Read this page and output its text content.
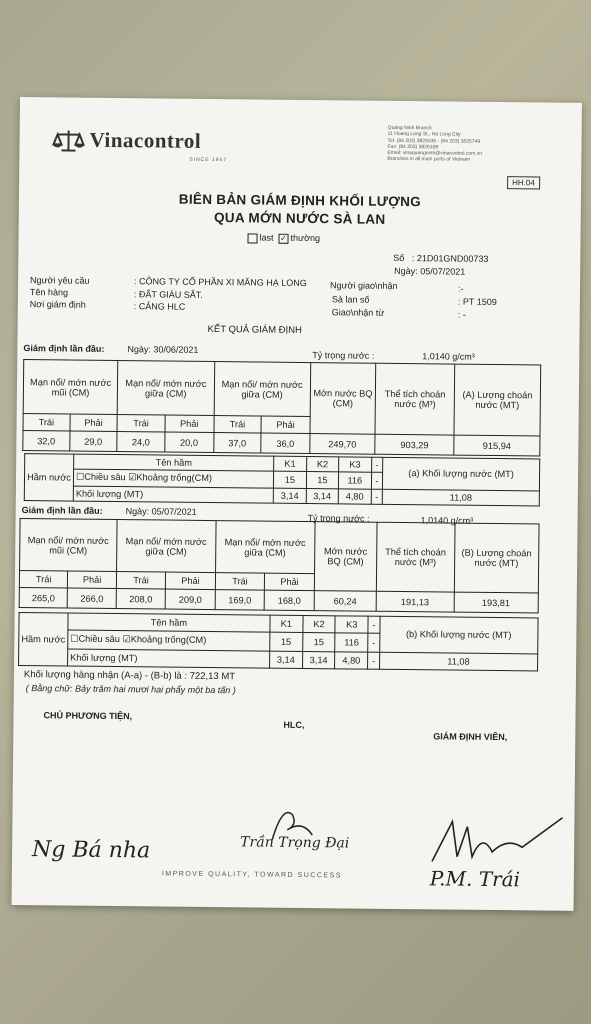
Vinacontrol
SINCE 1957
Quang Ninh Branch
11 Hoang Long St., Ha Long City
Tel: (84 203) 3825535 - (84 203) 3825749
Fax: (84 203) 3826109
Email: vinaquangninh@vinacontrol.com.vn
Branches in all main ports of Vietnam
HH.04
BIÊN BẢN GIÁM ĐỊNH KHỐI LƯỢNG
QUA MỚN NƯỚC SÀ LAN
last ✓ thường
Số : 21D01GND00733
Ngày: 05/07/2021
Người yêu cầu	: CÔNG TY CỔ PHẦN XI MĂNG HẠ LONG	Người giao\nhận	:-
Tên hàng	: ĐẤT GIÀU SẮT.	Sà lan số	: PT 1509
Nơi giám định	: CẢNG HLC
Giao\nhận từ	: -
KẾT QUẢ GIÁM ĐỊNH
Giám định lần đầu:	Ngày: 30/06/2021
Tỷ trọng nước :	1,0140 g/cm³
Mạn nổi/ mớn nước mũi (CM)		Mạn nổi/ mớn nước giữa (CM)		Mạn nổi/ mớn nước giữa (CM)		Mớn nước BQ (CM)	Thể tích choán nước (M³)	(A) Lượng choán nước (MT)
Trái	Phải	Trái	Phải	Trái	Phải			
32,0	29,0	24,0	20,0	37,0	36,0	249,70	903,29	915,94
Hầm nước	Tên hầm	K1	K2	K3	-	(a) Khối lượng nước (MT)
	☐Chiều sâu ☑Khoảng trống(CM)	15	15	116	-	
	Khối lượng (MT)	3,14	3,14	4,80	-	11,08
Giám định lần đầu:	Ngày: 05/07/2021
Tỷ trọng nước :	1,0140 g/cm³
Mạn nổi/ mớn nước mũi (CM)		Mạn nổi/ mớn nước giữa (CM)		Mạn nổi/ mớn nước giữa (CM)		Mớn nước BQ (CM)	Thể tích choán nước (M³)	(B) Lượng choán nước (MT)
Trái	Phải	Trái	Phải	Trái	Phải			
265,0	266,0	208,0	209,0	169,0	168,0	60,24	191,13	193,81
Hầm nước	Tên hầm	K1	K2	K3	-	(b) Khối lượng nước (MT)
	☐Chiều sâu ☑Khoảng trống(CM)	15	15	116	-	
	Khối lượng (MT)	3,14	3,14	4,80	-	11,08
Khối lượng hàng nhận (A-a) - (B-b) là : 722,13 MT
( Bằng chữ: Bảy trăm hai mươi hai phẩy một ba tấn )
CHỦ PHƯƠNG TIỆN,
HLC,
GIÁM ĐỊNH VIÊN,
Ng Bá nha	Trần Trọng Đại
P.M. Trái
IMPROVE QUALITY, TOWARD SUCCESS
